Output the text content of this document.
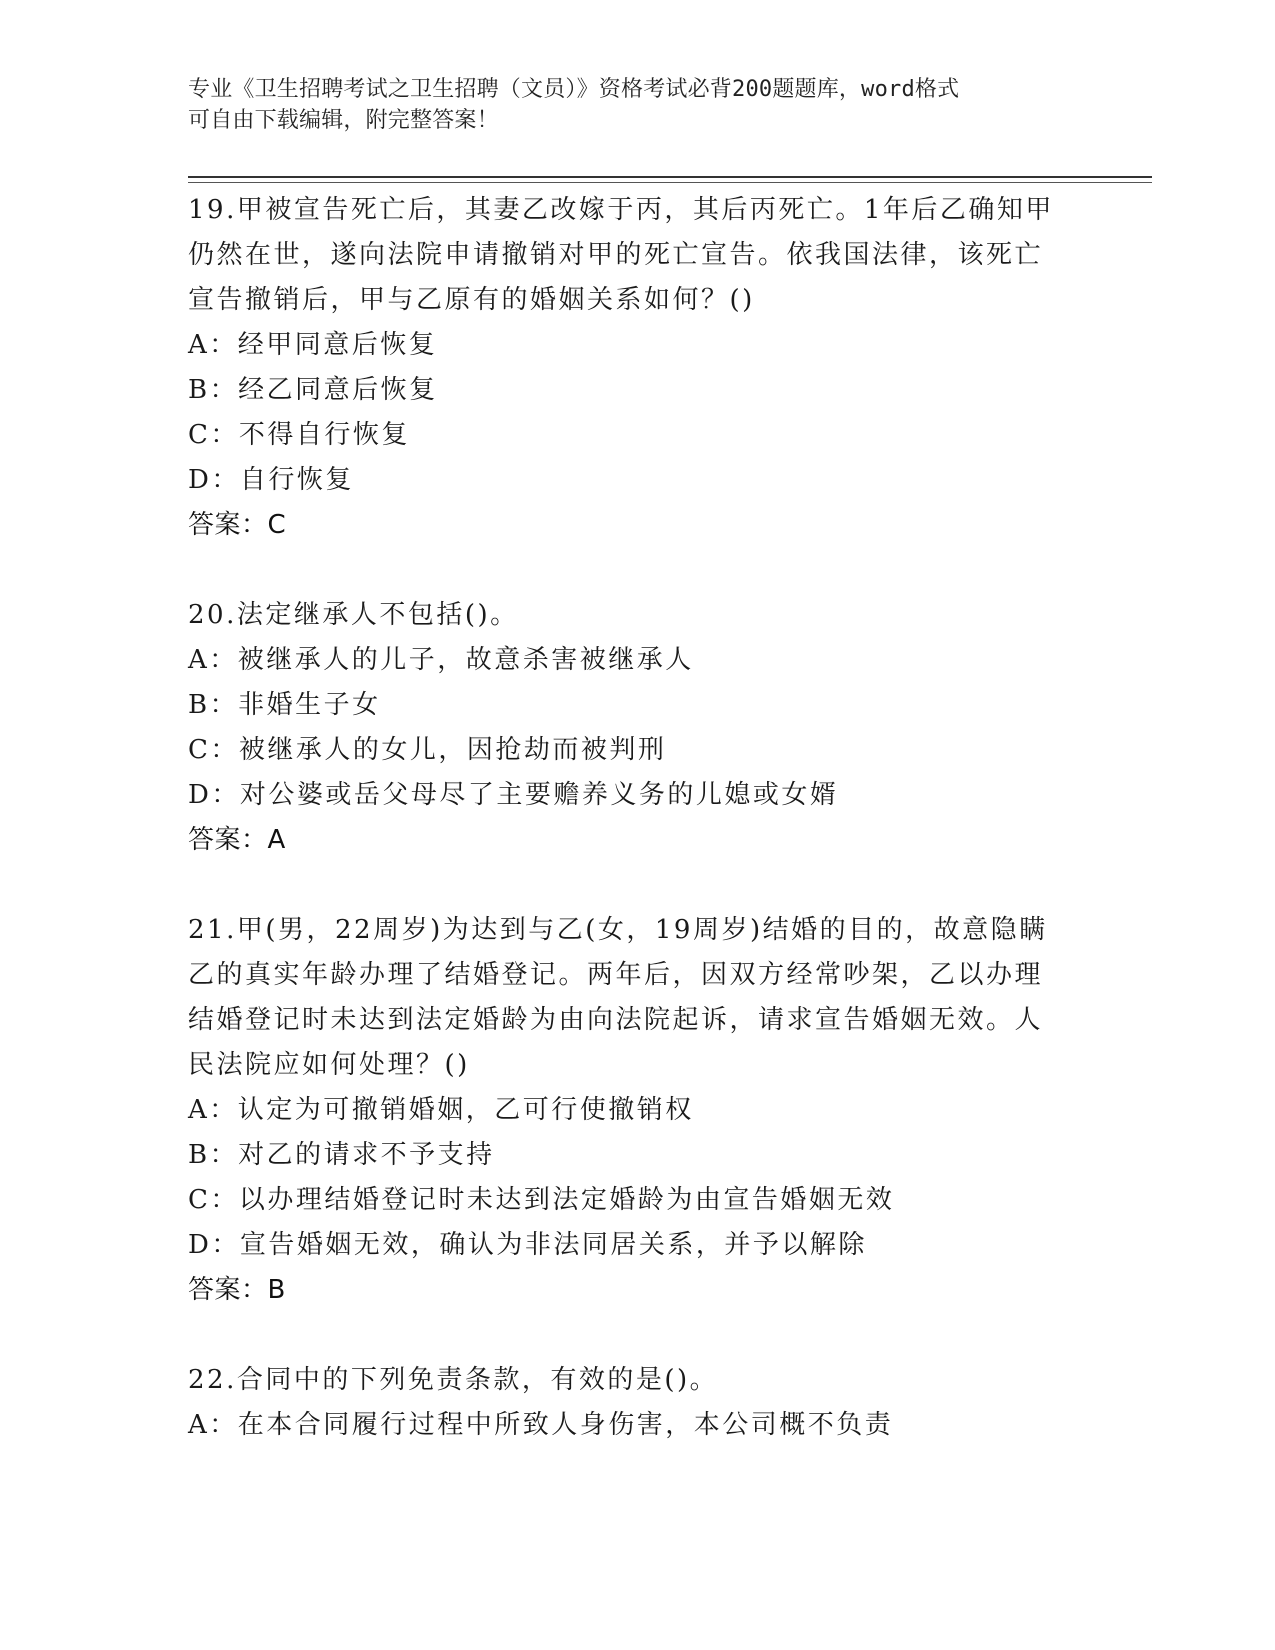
专业《卫生招聘考试之卫生招聘（文员）》资格考试必背200题题库，word格式
可自由下载编辑，附完整答案！
19.甲被宣告死亡后，其妻乙改嫁于丙，其后丙死亡。1年后乙确知甲仍然在世，遂向法院申请撤销对甲的死亡宣告。依我国法律，该死亡宣告撤销后，甲与乙原有的婚姻关系如何？()
A：经甲同意后恢复
B：经乙同意后恢复
C：不得自行恢复
D：自行恢复
答案：C
20.法定继承人不包括()。
A：被继承人的儿子，故意杀害被继承人
B：非婚生子女
C：被继承人的女儿，因抢劫而被判刑
D：对公婆或岳父母尽了主要赡养义务的儿媳或女婿
答案：A
21.甲(男，22周岁)为达到与乙(女，19周岁)结婚的目的，故意隐瞒乙的真实年龄办理了结婚登记。两年后，因双方经常吵架，乙以办理结婚登记时未达到法定婚龄为由向法院起诉，请求宣告婚姻无效。人民法院应如何处理？()
A：认定为可撤销婚姻，乙可行使撤销权
B：对乙的请求不予支持
C：以办理结婚登记时未达到法定婚龄为由宣告婚姻无效
D：宣告婚姻无效，确认为非法同居关系，并予以解除
答案：B
22.合同中的下列免责条款，有效的是()。
A：在本合同履行过程中所致人身伤害，本公司概不负责
